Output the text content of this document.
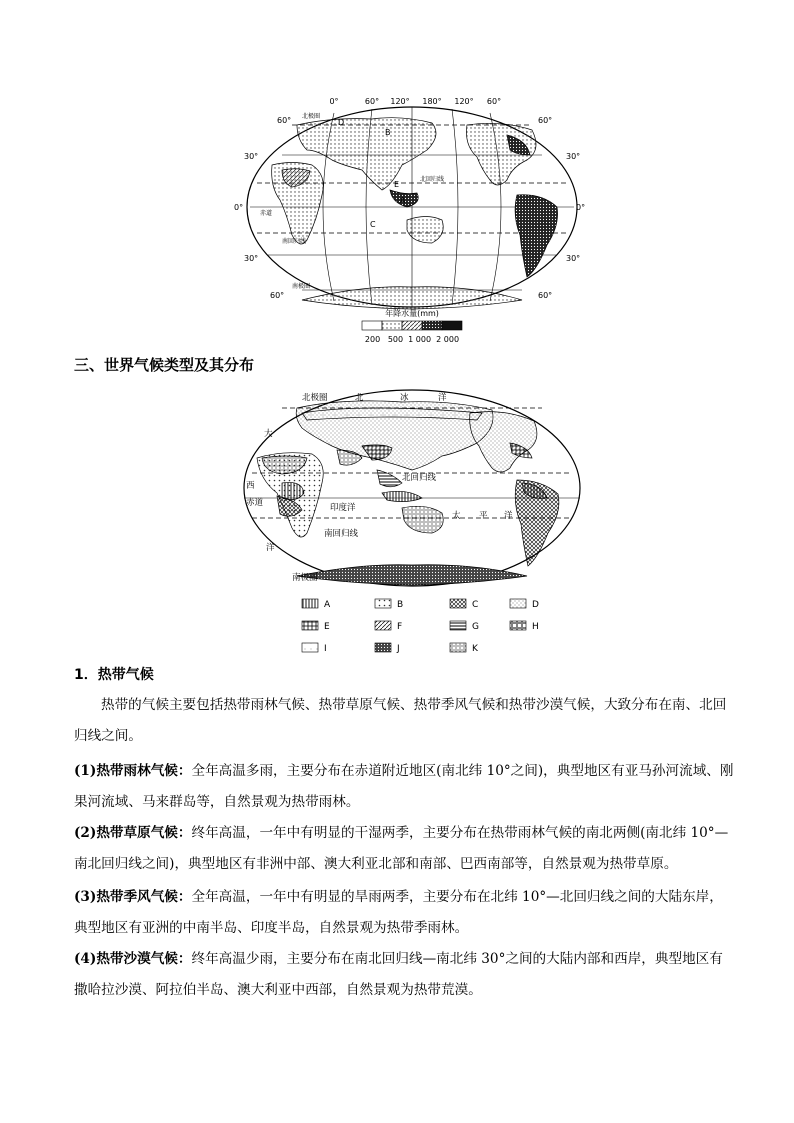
0°	60° 120° 180° 120° 60°
60°
30°
0°
30°
60°
60°
30°
0°
30°
60°
北极圈
赤道
北回归线
南回归线
南极圈
A
B
C
D
E
年降水量(mm)
200   500  1 000  2 000
三、世界气候类型及其分布
北极圈	北	冰	洋
大
西
洋
赤道
北回归线
印度洋
南回归线
太 平 洋
南极圈
A	B	C	D
E	F	G	H
I	J	K
1．热带气候
热带的气候主要包括热带雨林气候、热带草原气候、热带季风气候和热带沙漠气候，大致分布在南、北回归线之间。
(1)热带雨林气候：全年高温多雨，主要分布在赤道附近地区(南北纬 10°之间)，典型地区有亚马孙河流域、刚果河流域、马来群岛等，自然景观为热带雨林。
(2)热带草原气候：终年高温，一年中有明显的干湿两季，主要分布在热带雨林气候的南北两侧(南北纬 10°—南北回归线之间)，典型地区有非洲中部、澳大利亚北部和南部、巴西南部等，自然景观为热带草原。
(3)热带季风气候：全年高温，一年中有明显的旱雨两季，主要分布在北纬 10°—北回归线之间的大陆东岸，典型地区有亚洲的中南半岛、印度半岛，自然景观为热带季雨林。
(4)热带沙漠气候：终年高温少雨，主要分布在南北回归线—南北纬 30°之间的大陆内部和西岸，典型地区有撒哈拉沙漠、阿拉伯半岛、澳大利亚中西部，自然景观为热带荒漠。
